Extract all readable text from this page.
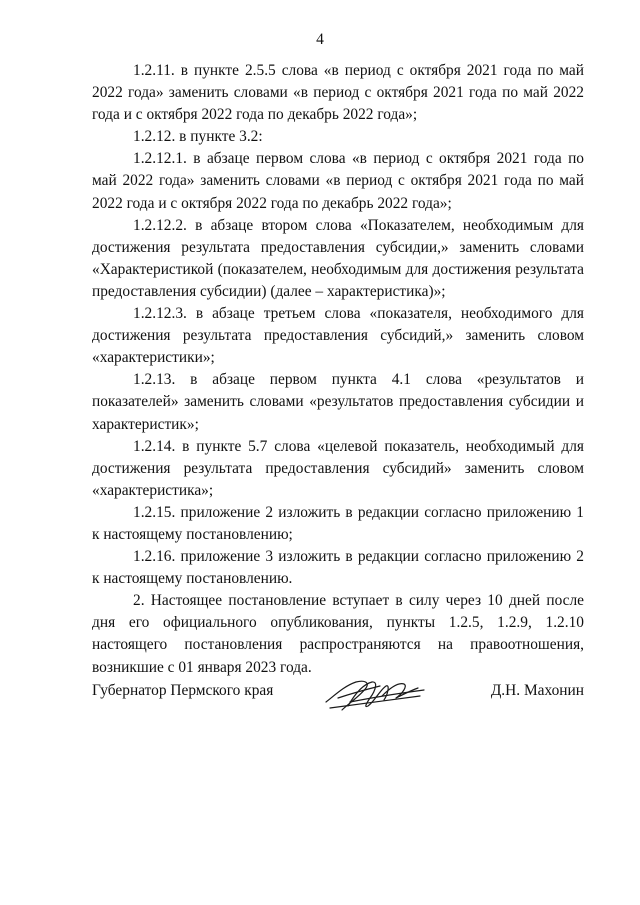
4

1.2.11. в пункте 2.5.5 слова «в период с октября 2021 года по май 2022 года» заменить словами «в период с октября 2021 года по май 2022 года и с октября 2022 года по декабрь 2022 года»;

1.2.12. в пункте 3.2:

1.2.12.1. в абзаце первом слова «в период с октября 2021 года по май 2022 года» заменить словами «в период с октября 2021 года по май 2022 года и с октября 2022 года по декабрь 2022 года»;

1.2.12.2. в абзаце втором слова «Показателем, необходимым для достижения результата предоставления субсидии,» заменить словами «Характеристикой (показателем, необходимым для достижения результата предоставления субсидии) (далее – характеристика)»;

1.2.12.3. в абзаце третьем слова «показателя, необходимого для достижения результата предоставления субсидий,» заменить словом «характеристики»;

1.2.13. в абзаце первом пункта 4.1 слова «результатов и показателей» заменить словами «результатов предоставления субсидии и характеристик»;

1.2.14. в пункте 5.7 слова «целевой показатель, необходимый для достижения результата предоставления субсидий» заменить словом «характеристика»;

1.2.15. приложение 2 изложить в редакции согласно приложению 1 к настоящему постановлению;

1.2.16. приложение 3 изложить в редакции согласно приложению 2 к настоящему постановлению.

2. Настоящее постановление вступает в силу через 10 дней после дня его официального опубликования, пункты 1.2.5, 1.2.9, 1.2.10 настоящего постановления распространяются на правоотношения, возникшие с 01 января 2023 года.

Губернатор Пермского края	Д.Н. Махонин
